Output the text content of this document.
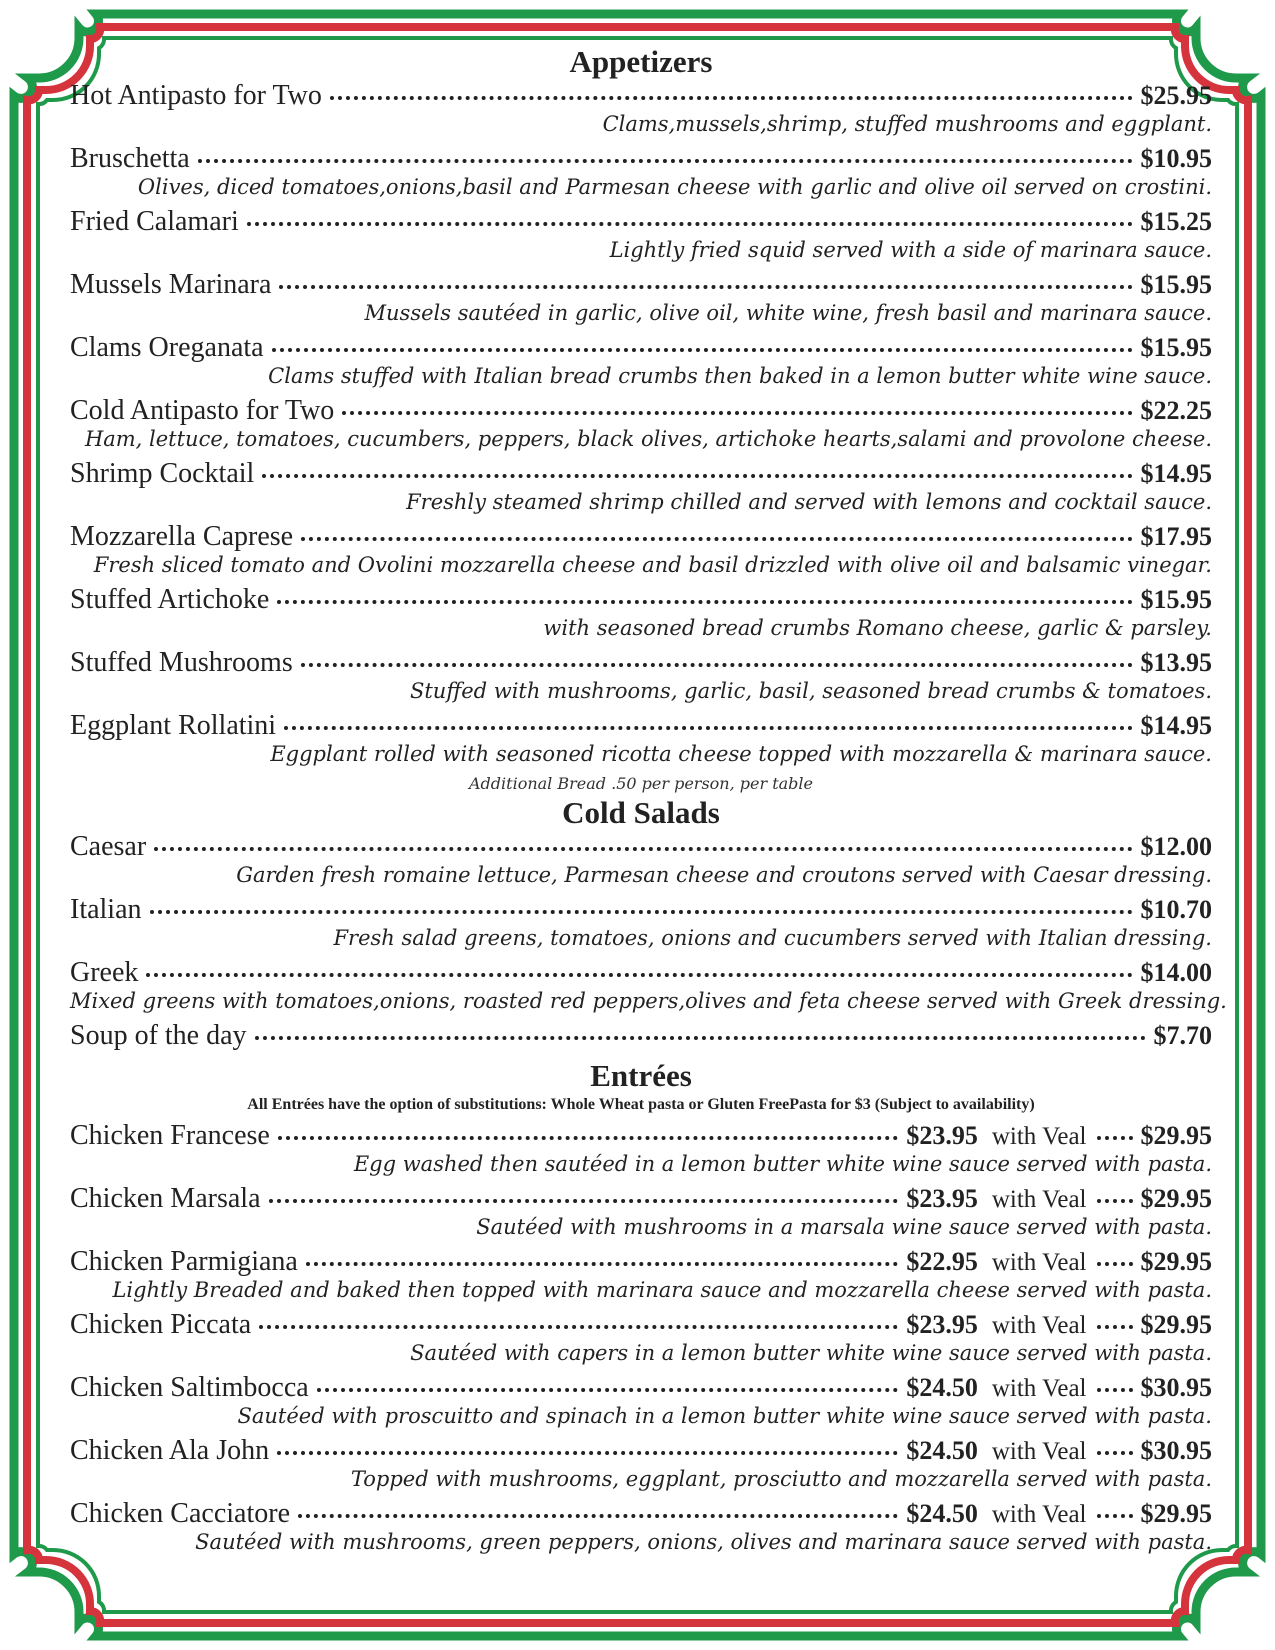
Appetizers
Hot Antipasto for Two	$25.95
Clams,mussels,shrimp, stuffed mushrooms and eggplant.
Bruschetta	$10.95
Olives, diced tomatoes,onions,basil and Parmesan cheese with garlic and olive oil served on crostini.
Fried Calamari	$15.25
Lightly fried squid served with a side of marinara sauce.
Mussels Marinara	$15.95
Mussels sautéed in garlic, olive oil, white wine, fresh basil and marinara sauce.
Clams Oreganata	$15.95
Clams stuffed with Italian bread crumbs then baked in a lemon butter white wine sauce.
Cold Antipasto for Two	$22.25
Ham, lettuce, tomatoes, cucumbers, peppers, black olives, artichoke hearts,salami and provolone cheese.
Shrimp Cocktail	$14.95
Freshly steamed shrimp chilled and served with lemons and cocktail sauce.
Mozzarella Caprese	$17.95
Fresh sliced tomato and Ovolini mozzarella cheese and basil drizzled with olive oil and balsamic vinegar.
Stuffed Artichoke	$15.95
with seasoned bread crumbs Romano cheese, garlic & parsley.
Stuffed Mushrooms	$13.95
Stuffed with mushrooms, garlic, basil, seasoned bread crumbs & tomatoes.
Eggplant Rollatini	$14.95
Eggplant rolled with seasoned ricotta cheese topped with mozzarella & marinara sauce.
Additional Bread .50 per person, per table
Cold Salads
Caesar	$12.00
Garden fresh romaine lettuce, Parmesan cheese and croutons served with Caesar dressing.
Italian	$10.70
Fresh salad greens, tomatoes, onions and cucumbers served with Italian dressing.
Greek	$14.00
Mixed greens with tomatoes,onions, roasted red peppers,olives and feta cheese served with Greek dressing.
Soup of the day	$7.70
Entrées
All Entrées have the option of substitutions: Whole Wheat pasta or Gluten FreePasta for $3 (Subject to availability)
Chicken Francese	$23.95 with Veal $29.95
Egg washed then sautéed in a lemon butter white wine sauce served with pasta.
Chicken Marsala	$23.95 with Veal $29.95
Sautéed with mushrooms in a marsala wine sauce served with pasta.
Chicken Parmigiana	$22.95 with Veal $29.95
Lightly Breaded and baked then topped with marinara sauce and mozzarella cheese served with pasta.
Chicken Piccata	$23.95 with Veal $29.95
Sautéed with capers in a lemon butter white wine sauce served with pasta.
Chicken Saltimbocca	$24.50 with Veal $30.95
Sautéed with proscuitto and spinach in a lemon butter white wine sauce served with pasta.
Chicken Ala John	$24.50 with Veal $30.95
Topped with mushrooms, eggplant, prosciutto and mozzarella served with pasta.
Chicken Cacciatore	$24.50 with Veal $29.95
Sautéed with mushrooms, green peppers, onions, olives and marinara sauce served with pasta.
